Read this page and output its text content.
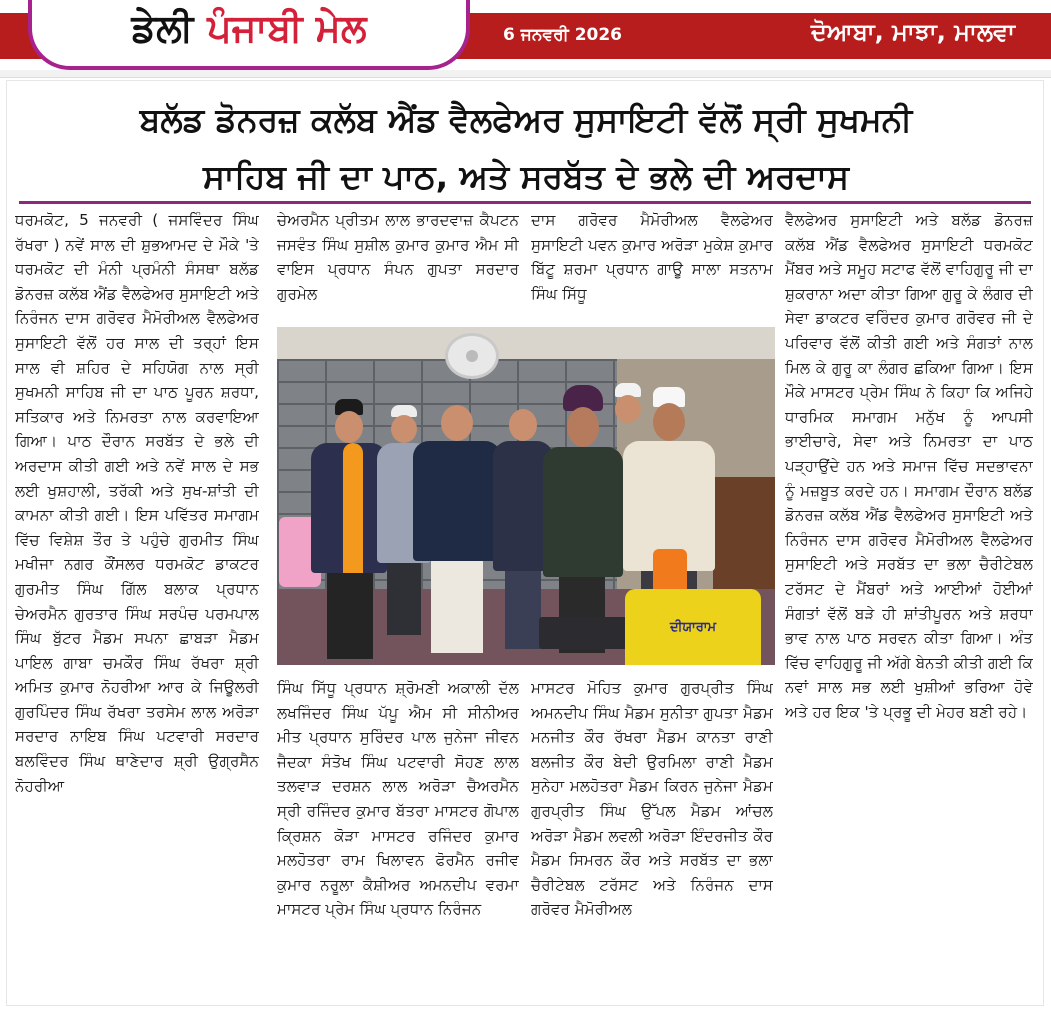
ਡੇਲੀ ਪੰਜਾਬੀ ਮੇਲ	6 ਜਨਵਰੀ 2026	ਦੋਆਬਾ, ਮਾਝਾ, ਮਾਲਵਾ
ਬਲੱਡ ਡੋਨਰਜ਼ ਕਲੱਬ ਐਂਡ ਵੈਲਫੇਅਰ ਸੁਸਾਇਟੀ ਵੱਲੋਂ ਸ੍ਰੀ ਸੁਖਮਨੀ
ਸਾਹਿਬ ਜੀ ਦਾ ਪਾਠ, ਅਤੇ ਸਰਬੱਤ ਦੇ ਭਲੇ ਦੀ ਅਰਦਾਸ

ਧਰਮਕੋਟ, 5 ਜਨਵਰੀ ( ਜਸਵਿੰਦਰ ਸਿੰਘ ਰੱਖਰਾ ) ਨਵੇਂ ਸਾਲ ਦੀ ਸ਼ੁਭਆਮਦ ਦੇ ਮੌਕੇ 'ਤੇ ਧਰਮਕੋਟ ਦੀ ਮੰਨੀ ਪ੍ਰਮੰਨੀ ਸੰਸਥਾ ਬਲੱਡ ਡੋਨਰਜ਼ ਕਲੱਬ ਐਂਡ ਵੈਲਫੇਅਰ ਸੁਸਾਇਟੀ ਅਤੇ ਨਿਰੰਜਨ ਦਾਸ ਗਰੋਵਰ ਮੈਮੋਰੀਅਲ ਵੈਲਫੇਅਰ ਸੁਸਾਇਟੀ ਵੱਲੋਂ ਹਰ ਸਾਲ ਦੀ ਤਰ੍ਹਾਂ ਇਸ ਸਾਲ ਵੀ ਸ਼ਹਿਰ ਦੇ ਸਹਿਯੋਗ ਨਾਲ ਸ੍ਰੀ ਸੁਖਮਨੀ ਸਾਹਿਬ ਜੀ ਦਾ ਪਾਠ ਪੂਰਨ ਸ਼ਰਧਾ, ਸਤਿਕਾਰ ਅਤੇ ਨਿਮਰਤਾ ਨਾਲ ਕਰਵਾਇਆ ਗਿਆ। ਪਾਠ ਦੌਰਾਨ ਸਰਬੱਤ ਦੇ ਭਲੇ ਦੀ ਅਰਦਾਸ ਕੀਤੀ ਗਈ ਅਤੇ ਨਵੇਂ ਸਾਲ ਦੇ ਸਭ ਲਈ ਖੁਸ਼ਹਾਲੀ, ਤਰੱਕੀ ਅਤੇ ਸੁਖ-ਸ਼ਾਂਤੀ ਦੀ ਕਾਮਨਾ ਕੀਤੀ ਗਈ। ਇਸ ਪਵਿੱਤਰ ਸਮਾਗਮ ਵਿੱਚ ਵਿਸ਼ੇਸ਼ ਤੌਰ ਤੇ ਪਹੁੰਚੇ ਗੁਰਮੀਤ ਸਿੰਘ ਮਖੀਜਾ ਨਗਰ ਕੌਂਸਲਰ ਧਰਮਕੋਟ ਡਾਕਟਰ ਗੁਰਮੀਤ ਸਿੰਘ ਗਿੱਲ ਬਲਾਕ ਪ੍ਰਧਾਨ ਚੇਅਰਮੈਨ ਗੁਰਤਾਰ ਸਿੰਘ ਸਰਪੰਚ ਪਰਮਪਾਲ ਸਿੰਘ ਬੁੱਟਰ ਮੈਡਮ ਸਪਨਾ ਛਾਬੜਾ ਮੈਡਮ ਪਾਇਲ ਗਾਬਾ ਚਮਕੌਰ ਸਿੰਘ ਰੱਖਰਾ ਸ਼੍ਰੀ ਅਮਿਤ ਕੁਮਾਰ ਨੋਹਰੀਆ ਆਰ ਕੇ ਜਿਊਲਰੀ ਗੁਰਪਿੰਦਰ ਸਿੰਘ ਰੱਖਰਾ ਤਰਸੇਮ ਲਾਲ ਅਰੋੜਾ ਸਰਦਾਰ ਨਾਇਬ ਸਿੰਘ ਪਟਵਾਰੀ ਸਰਦਾਰ ਬਲਵਿੰਦਰ ਸਿੰਘ ਥਾਣੇਦਾਰ ਸ਼੍ਰੀ ਉਗ੍ਰਸੈਨ ਨੋਹਰੀਆ

ਚੇਅਰਮੈਨ ਪ੍ਰੀਤਮ ਲਾਲ ਭਾਰਦਵਾਜ਼ ਕੈਪਟਨ ਜਸਵੰਤ ਸਿੰਘ ਸੁਸ਼ੀਲ ਕੁਮਾਰ ਕੁਮਾਰ ਐਮ ਸੀ ਵਾਇਸ ਪ੍ਰਧਾਨ ਸੰਪਨ ਗੁਪਤਾ ਸਰਦਾਰ ਗੁਰਮੇਲ

ਦਾਸ ਗਰੋਵਰ ਮੈਮੋਰੀਅਲ ਵੈਲਫੇਅਰ ਸੁਸਾਇਟੀ ਪਵਨ ਕੁਮਾਰ ਅਰੋੜਾ ਮੁਕੇਸ਼ ਕੁਮਾਰ ਬਿੱਟੂ ਸ਼ਰਮਾ ਪ੍ਰਧਾਨ ਗਾਊ ਸਾਲਾ ਸਤਨਾਮ ਸਿੰਘ ਸਿੱਧੂ

ਦੀਯਾਰਾਮ

ਸਿੰਘ ਸਿੱਧੂ ਪ੍ਰਧਾਨ ਸ਼੍ਰੋਮਣੀ ਅਕਾਲੀ ਦੱਲ ਲਖਜਿੰਦਰ ਸਿੰਘ ਪੱਪੂ ਐਮ ਸੀ ਸੀਨੀਅਰ ਮੀਤ ਪ੍ਰਧਾਨ ਸੁਰਿੰਦਰ ਪਾਲ ਜੁਨੇਜਾ ਜੀਵਨ ਜੈਦਕਾ ਸੰਤੋਖ ਸਿੰਘ ਪਟਵਾਰੀ ਸੋਹਣ ਲਾਲ ਤਲਵਾੜ ਦਰਸ਼ਨ ਲਾਲ ਅਰੋੜਾ ਚੈਅਰਮੈਨ ਸ੍ਰੀ ਰਜਿੰਦਰ ਕੁਮਾਰ ਬੱਤਰਾ ਮਾਸਟਰ ਗੋਪਾਲ ਕ੍ਰਿਸ਼ਨ ਕੋੜਾ ਮਾਸਟਰ ਰਜਿੰਦਰ ਕੁਮਾਰ ਮਲਹੋਤਰਾ ਰਾਮ ਖਿਲਾਵਨ ਫੋਰਮੈਨ ਰਜੀਵ ਕੁਮਾਰ ਨਰੂਲਾ ਕੈਸ਼ੀਅਰ ਅਮਨਦੀਪ ਵਰਮਾ ਮਾਸਟਰ ਪ੍ਰੇਮ ਸਿੰਘ ਪ੍ਰਧਾਨ ਨਿਰੰਜਨ

ਮਾਸਟਰ ਮੋਹਿਤ ਕੁਮਾਰ ਗੁਰਪ੍ਰੀਤ ਸਿੰਘ ਅਮਨਦੀਪ ਸਿੰਘ ਮੈਡਮ ਸੁਨੀਤਾ ਗੁਪਤਾ ਮੈਡਮ ਮਨਜੀਤ ਕੌਰ ਰੱਖਰਾ ਮੈਡਮ ਕਾਨਤਾ ਰਾਣੀ ਬਲਜੀਤ ਕੌਰ ਬੇਦੀ ਉਰਮਿਲਾ ਰਾਣੀ ਮੈਡਮ ਸੁਨੇਹਾ ਮਲਹੋਤਰਾ ਮੈਡਮ ਕਿਰਨ ਜੁਨੇਜਾ ਮੈਡਮ ਗੁਰਪ੍ਰੀਤ ਸਿੰਘ ਉੱਪਲ ਮੈਡਮ ਆਂਚਲ ਅਰੋੜਾ ਮੈਡਮ ਲਵਲੀ ਅਰੋੜਾ ਇੰਦਰਜੀਤ ਕੌਰ ਮੈਡਮ ਸਿਮਰਨ ਕੌਰ ਅਤੇ ਸਰਬੱਤ ਦਾ ਭਲਾ ਚੈਰੀਟੇਬਲ ਟਰੱਸਟ ਅਤੇ ਨਿਰੰਜਨ ਦਾਸ ਗਰੋਵਰ ਮੈਮੋਰੀਅਲ

ਵੈਲਫੇਅਰ ਸੁਸਾਇਟੀ ਅਤੇ ਬਲੱਡ ਡੋਨਰਜ਼ ਕਲੱਬ ਐਂਡ ਵੈਲਫੇਅਰ ਸੁਸਾਇਟੀ ਧਰਮਕੋਟ ਮੈਂਬਰ ਅਤੇ ਸਮੂਹ ਸਟਾਫ ਵੱਲੋਂ ਵਾਹਿਗੁਰੂ ਜੀ ਦਾ ਸ਼ੁਕਰਾਨਾ ਅਦਾ ਕੀਤਾ ਗਿਆ ਗੁਰੂ ਕੇ ਲੰਗਰ ਦੀ ਸੇਵਾ ਡਾਕਟਰ ਵਰਿੰਦਰ ਕੁਮਾਰ ਗਰੋਵਰ ਜੀ ਦੇ ਪਰਿਵਾਰ ਵੱਲੋਂ ਕੀਤੀ ਗਈ ਅਤੇ ਸੰਗਤਾਂ ਨਾਲ ਮਿਲ ਕੇ ਗੁਰੂ ਕਾ ਲੰਗਰ ਛਕਿਆ ਗਿਆ। ਇਸ ਮੌਕੇ ਮਾਸਟਰ ਪ੍ਰੇਮ ਸਿੰਘ ਨੇ ਕਿਹਾ ਕਿ ਅਜਿਹੇ ਧਾਰਮਿਕ ਸਮਾਗਮ ਮਨੁੱਖ ਨੂੰ ਆਪਸੀ ਭਾਈਚਾਰੇ, ਸੇਵਾ ਅਤੇ ਨਿਮਰਤਾ ਦਾ ਪਾਠ ਪੜ੍ਹਾਉਂਦੇ ਹਨ ਅਤੇ ਸਮਾਜ ਵਿੱਚ ਸਦਭਾਵਨਾ ਨੂੰ ਮਜ਼ਬੂਤ ਕਰਦੇ ਹਨ। ਸਮਾਗਮ ਦੌਰਾਨ ਬਲੱਡ ਡੋਨਰਜ਼ ਕਲੱਬ ਐਂਡ ਵੈਲਫੇਅਰ ਸੁਸਾਇਟੀ ਅਤੇ ਨਿਰੰਜਨ ਦਾਸ ਗਰੋਵਰ ਮੈਮੋਰੀਅਲ ਵੈਲਫੇਅਰ ਸੁਸਾਇਟੀ ਅਤੇ ਸਰਬੱਤ ਦਾ ਭਲਾ ਚੈਰੀਟੇਬਲ ਟਰੱਸਟ ਦੇ ਮੈਂਬਰਾਂ ਅਤੇ ਆਈਆਂ ਹੋਈਆਂ ਸੰਗਤਾਂ ਵੱਲੋਂ ਬੜੇ ਹੀ ਸ਼ਾਂਤੀਪੂਰਨ ਅਤੇ ਸ਼ਰਧਾ ਭਾਵ ਨਾਲ ਪਾਠ ਸਰਵਨ ਕੀਤਾ ਗਿਆ। ਅੰਤ ਵਿੱਚ ਵਾਹਿਗੁਰੂ ਜੀ ਅੱਗੇ ਬੇਨਤੀ ਕੀਤੀ ਗਈ ਕਿ ਨਵਾਂ ਸਾਲ ਸਭ ਲਈ ਖੁਸ਼ੀਆਂ ਭਰਿਆ ਹੋਵੇ ਅਤੇ ਹਰ ਇਕ 'ਤੇ ਪ੍ਰਭੂ ਦੀ ਮੇਹਰ ਬਣੀ ਰਹੇ।
